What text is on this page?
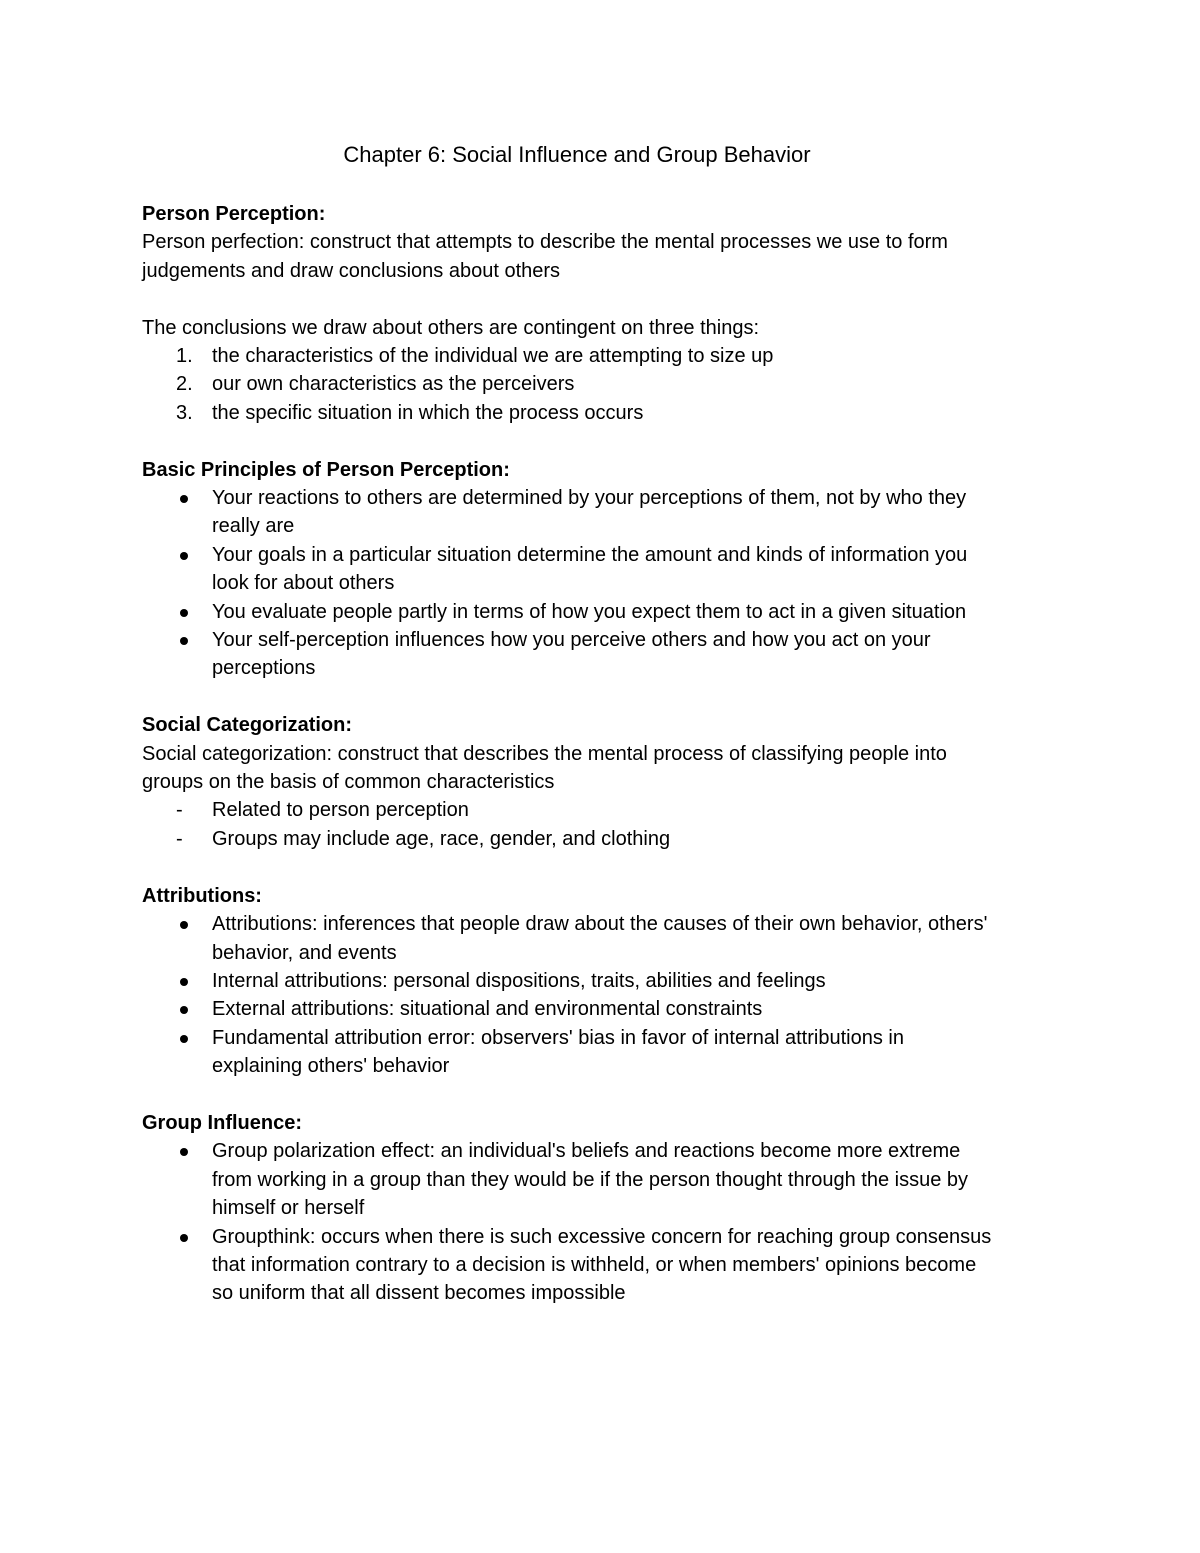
Chapter 6: Social Influence and Group Behavior
Person Perception:
Person perfection: construct that attempts to describe the mental processes we use to form
judgements and draw conclusions about others
The conclusions we draw about others are contingent on three things:
1. the characteristics of the individual we are attempting to size up
2. our own characteristics as the perceivers
3. the specific situation in which the process occurs
Basic Principles of Person Perception:
Your reactions to others are determined by your perceptions of them, not by who they
really are
Your goals in a particular situation determine the amount and kinds of information you
look for about others
You evaluate people partly in terms of how you expect them to act in a given situation
Your self-perception influences how you perceive others and how you act on your
perceptions
Social Categorization:
Social categorization: construct that describes the mental process of classifying people into
groups on the basis of common characteristics
-	Related to person perception
-	Groups may include age, race, gender, and clothing
Attributions:
Attributions: inferences that people draw about the causes of their own behavior, others'
behavior, and events
Internal attributions: personal dispositions, traits, abilities and feelings
External attributions: situational and environmental constraints
Fundamental attribution error: observers' bias in favor of internal attributions in
explaining others' behavior
Group Influence:
Group polarization effect: an individual's beliefs and reactions become more extreme
from working in a group than they would be if the person thought through the issue by
himself or herself
Groupthink: occurs when there is such excessive concern for reaching group consensus
that information contrary to a decision is withheld, or when members' opinions become
so uniform that all dissent becomes impossible
